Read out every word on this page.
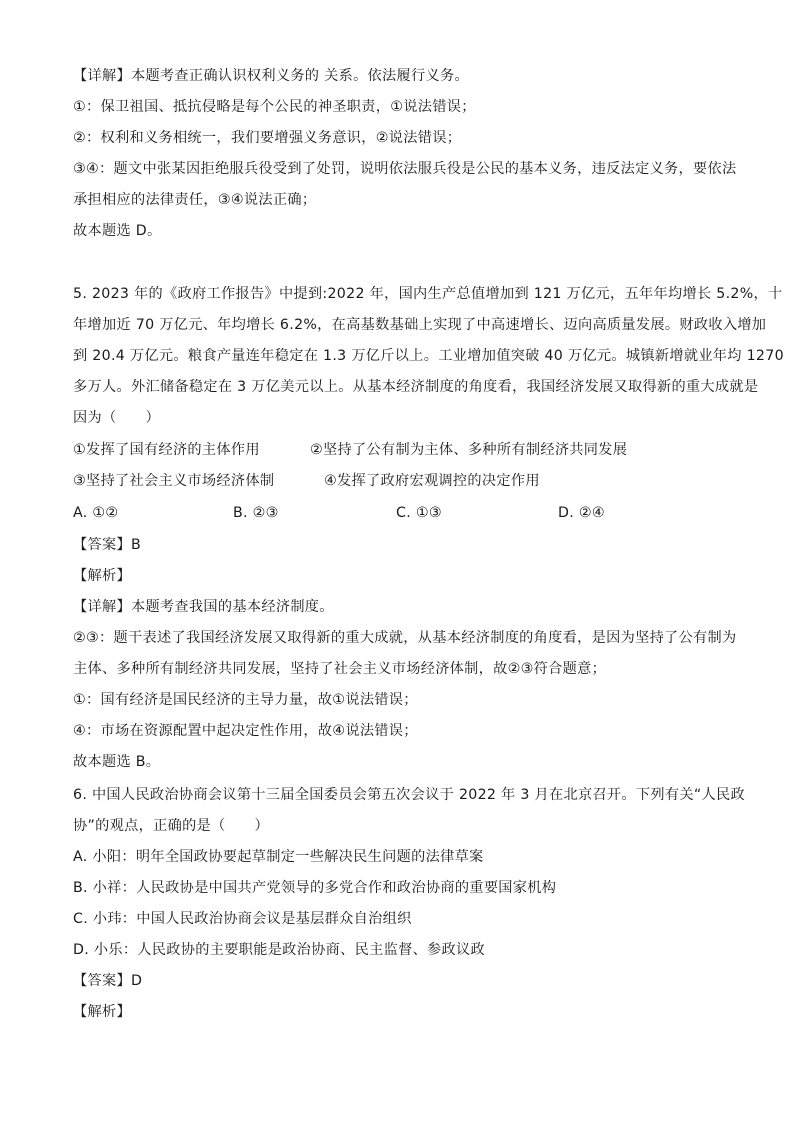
【详解】本题考查正确认识权利义务的 关系。依法履行义务。
①：保卫祖国、抵抗侵略是每个公民的神圣职责，①说法错误；
②：权利和义务相统一，我们要增强义务意识，②说法错误；
③④：题文中张某因拒绝服兵役受到了处罚，说明依法服兵役是公民的基本义务，违反法定义务，要依法
承担相应的法律责任，③④说法正确；
故本题选 D。
5. 2023 年的《政府工作报告》中提到:2022 年，国内生产总值增加到 121 万亿元，五年年均增长 5.2%，十
年增加近 70 万亿元、年均增长 6.2%，在高基数基础上实现了中高速增长、迈向高质量发展。财政收入增加
到 20.4 万亿元。粮食产量连年稳定在 1.3 万亿斤以上。工业增加值突破 40 万亿元。城镇新增就业年均 1270
多万人。外汇储备稳定在 3 万亿美元以上。从基本经济制度的角度看，我国经济发展又取得新的重大成就是
因为（　　）
①发挥了国有经济的主体作用	②坚持了公有制为主体、多种所有制经济共同发展
③坚持了社会主义市场经济体制	④发挥了政府宏观调控的决定作用
A. ①②	B. ②③	C. ①③	D. ②④
【答案】B
【解析】
【详解】本题考查我国的基本经济制度。
②③：题干表述了我国经济发展又取得新的重大成就，从基本经济制度的角度看，是因为坚持了公有制为
主体、多种所有制经济共同发展，坚持了社会主义市场经济体制，故②③符合题意；
①：国有经济是国民经济的主导力量，故①说法错误；
④：市场在资源配置中起决定性作用，故④说法错误；
故本题选 B。
6. 中国人民政治协商会议第十三届全国委员会第五次会议于 2022 年 3 月在北京召开。下列有关“人民政
协”的观点，正确的是（　　）
A. 小阳：明年全国政协要起草制定一些解决民生问题的法律草案
B. 小祥：人民政协是中国共产党领导的多党合作和政治协商的重要国家机构
C. 小玮：中国人民政治协商会议是基层群众自治组织
D. 小乐：人民政协的主要职能是政治协商、民主监督、参政议政
【答案】D
【解析】
